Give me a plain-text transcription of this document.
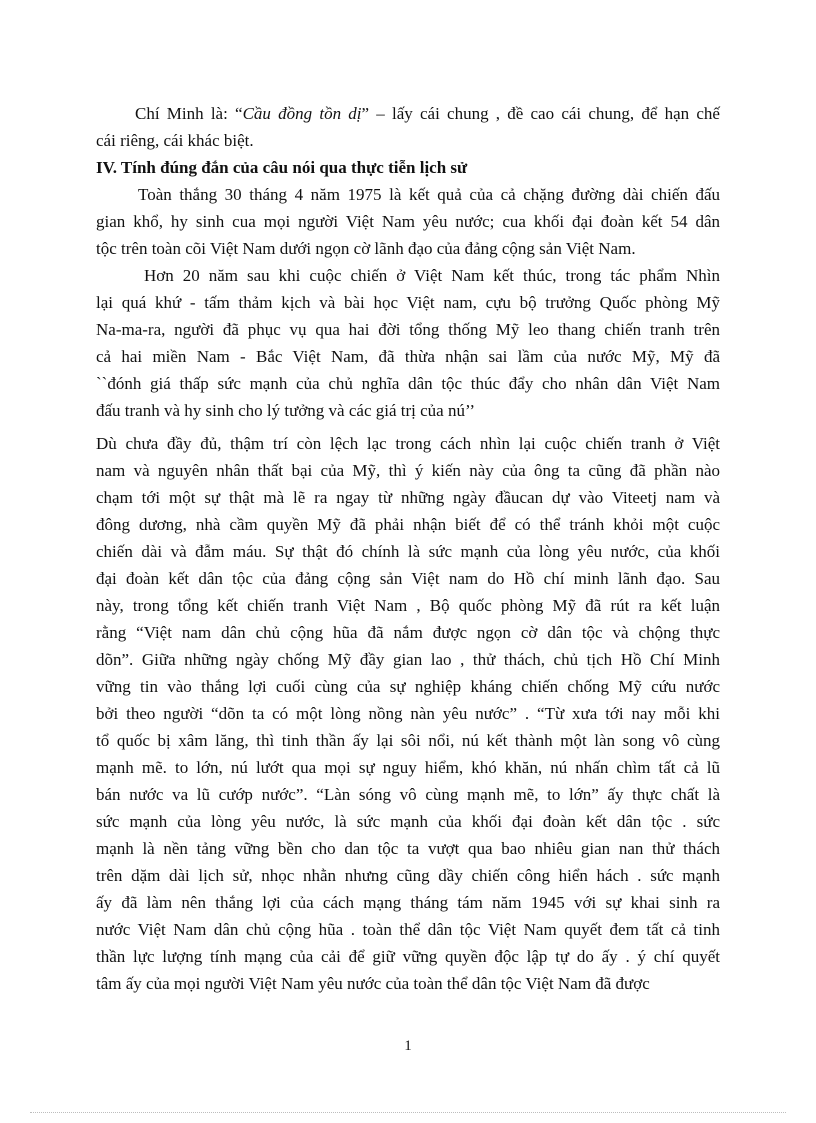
Chí Minh là: “Cầu đồng tồn dị” – lấy cái chung , đề cao cái chung, để hạn chế
cái riêng, cái khác biệt.
IV. Tính đúng đắn của câu nói qua thực tiễn lịch sử
Toàn thắng 30 tháng 4 năm 1975 là kết quả của cả chặng đường dài chiến đấu
gian khổ, hy sinh cua mọi người Việt Nam yêu nước; cua khối đại đoàn kết 54 dân
tộc trên toàn cõi Việt Nam dưới ngọn cờ lãnh đạo của đảng cộng sản Việt Nam.
Hơn 20 năm sau khi cuộc chiến ở Việt Nam kết thúc, trong tác phẩm Nhìn
lại quá khứ - tấm thảm kịch và bài học Việt nam, cựu bộ trưởng Quốc phòng Mỹ
Na-ma-ra, người đã phục vụ qua hai đời tổng thống Mỹ leo thang chiến tranh trên
cả hai miền Nam - Bắc Việt Nam, đã thừa nhận sai lầm của nước Mỹ, Mỹ đã
``đónh giá thấp sức mạnh của chủ nghĩa dân tộc thúc đẩy cho nhân dân Việt Nam
đấu tranh và hy sinh cho lý tưởng và các giá trị của nú’’
Dù chưa đầy đủ, thậm trí còn lệch lạc trong cách nhìn lại cuộc chiến tranh ở Việt
nam và nguyên nhân thất bại của Mỹ, thì ý kiến này của ông ta cũng đã phần nào
chạm tới một sự thật mà lẽ ra ngay từ những ngày đầucan dự vào Viteetj nam và
đông dương, nhà cầm quyền Mỹ đã phải nhận biết để có thể tránh khỏi một cuộc
chiến dài và đẫm máu. Sự thật đó chính là sức mạnh của lòng yêu nước, của khối
đại đoàn kết dân tộc của đảng cộng sản Việt nam do Hồ chí minh lãnh đạo. Sau
này, trong tổng kết chiến tranh Việt Nam , Bộ quốc phòng Mỹ đã rút ra kết luận
rằng “Việt nam dân chủ cộng hũa đã nắm được ngọn cờ dân tộc và chộng thực
dõn”. Giữa những ngày chống Mỹ đầy gian lao , thử thách, chủ tịch Hồ Chí Minh
vững tin vào thắng lợi cuối cùng của sự nghiệp kháng chiến chống Mỹ cứu nước
bởi theo người “dõn ta có một lòng nồng nàn yêu nước” . “Từ xưa tới nay mỗi khi
tổ quốc bị xâm lăng, thì tinh thần ấy lại sôi nổi, nú kết thành một làn song vô cùng
mạnh mẽ. to lớn, nú lướt qua mọi sự nguy hiểm, khó khăn, nú nhấn chìm tất cả lũ
bán nước va lũ cướp nước”. “Làn sóng vô cùng mạnh mẽ, to lớn” ấy thực chất là
sức mạnh của lòng yêu nước, là sức mạnh của khối đại đoàn kết dân tộc . sức
mạnh là nền tảng vững bền cho dan tộc ta vượt qua bao nhiêu gian nan thử thách
trên dặm dài lịch sử, nhọc nhằn nhưng cũng dầy chiến công hiển hách . sức mạnh
ấy đã làm nên thắng lợi của cách mạng tháng tám năm 1945 với sự khai sinh ra
nước Việt Nam dân chủ cộng hũa . toàn thể dân tộc Việt Nam quyết đem tất cả tinh
thần lực lượng tính mạng của cải để giữ vững quyền độc lập tự do ấy . ý chí quyết
tâm ấy của mọi người Việt Nam yêu nước của toàn thể dân tộc Việt Nam đã được
1
